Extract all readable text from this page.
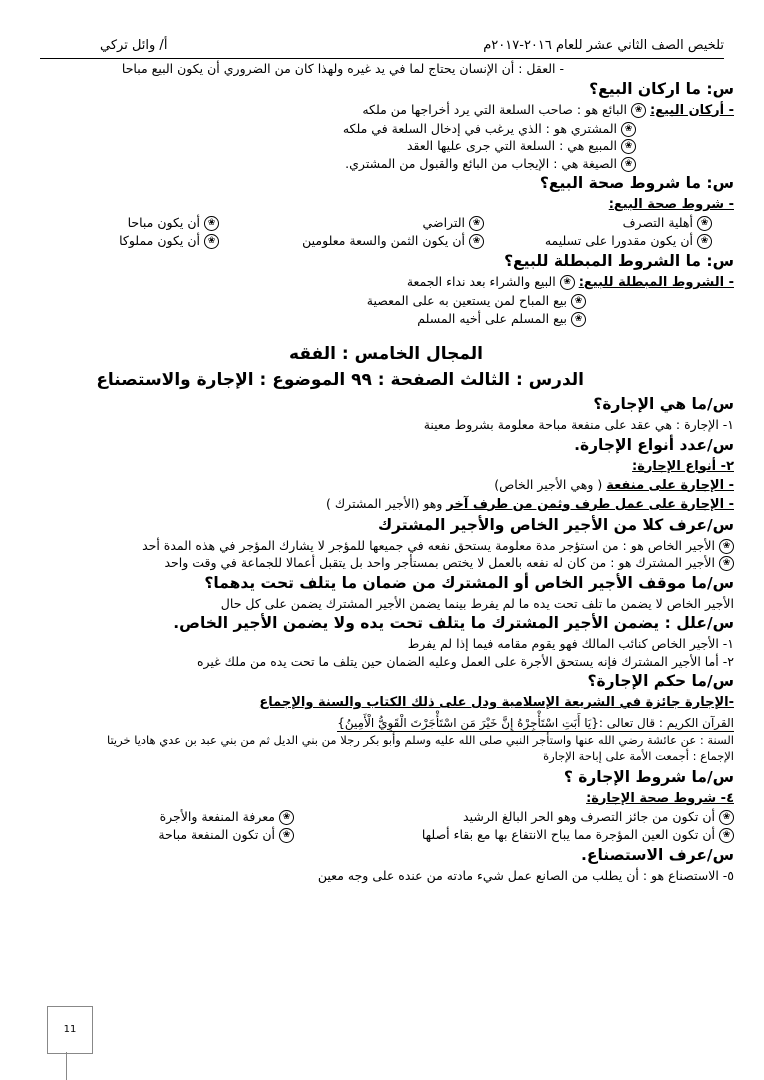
تلخيص الصف الثاني عشر للعام ٢٠١٦-٢٠١٧م
أ/ وائل تركي
- العقل : أن الإنسان يحتاج لما في يد غيره ولهذا كان من الضروري أن يكون البيع مباحا
س: ما اركان البيع؟
- أركان البيع: ❀البائع هو : صاحب السلعة التي يرد أخراجها من ملكه
❀المشتري هو : الذي يرغب في إدخال السلعة في ملكه
❀المبيع هي : السلعة التي جرى عليها العقد
❀الصيغة هي : الإيجاب من البائع والقبول من المشتري.
س: ما شروط صحة البيع؟
- شروط صحة البيع:
❀أهلية التصرف
❀التراضي
❀أن يكون مباحا
❀أن يكون مقدورا على تسليمه
❀أن يكون الثمن والسعة معلومين
❀أن يكون مملوكا
س: ما الشروط المبطلة للبيع؟
- الشروط المبطلة للبيع: ❀البيع والشراء بعد نداء الجمعة
❀بيع المباح لمن يستعين به على المعصية
❀بيع المسلم على أخيه المسلم
المجال الخامس : الفقه
الدرس : الثالث الصفحة : ٩٩ الموضوع : الإجارة والاستصناع
س/ما هي الإجارة؟
١- الإجارة : هي عقد على منفعة مباحة معلومة بشروط معينة
س/عدد أنواع الإجارة.
٢- أنواع الإجارة:
- الإجارة على منفعة ( وهي الأجير الخاص)
- الإجارة على عمل طرف وثمن من طرف آخر وهو (الأجير المشترك )
س/عرف كلا من الأجير الخاص والأجير المشترك
❀الأجير الخاص هو : من استؤجر مدة معلومة يستحق نفعه في جميعها للمؤجر لا يشارك المؤجر في هذه المدة أحد
❀الأجير المشترك هو : من كان له نفعه بالعمل لا يختص بمستأجر واحد بل يتقبل أعمالا للجماعة في وقت واحد
س/ما موقف الأجير الخاص أو المشترك من ضمان ما يتلف تحت يدهما؟
الأجير الخاص لا يضمن ما تلف تحت يده ما لم يفرط بينما يضمن الأجير المشترك يضمن على كل حال
س/علل : يضمن الأجير المشترك ما يتلف تحت يده ولا يضمن الأجير الخاص.
١- الأجير الخاص كنائب المالك فهو يقوم مقامه فيما إذا لم يفرط
٢- أما الأجير المشترك فإنه يستحق الأجرة على العمل وعليه الضمان حين يتلف ما تحت يده من ملك غيره
س/ما حكم الإجارة؟
-الإجارة جائزة في الشريعة الإسلامية ودل على ذلك الكتاب والسنة والإجماع
القرآن الكريم : قال تعالى :{يَا أَبَتِ اسْتَأْجِرْهُ إِنَّ خَيْرَ مَنِ اسْتَأْجَرْتَ الْقَوِيُّ الْأَمِينُ}
السنة : عن عائشة رضي الله عنها واستأجر النبي صلى الله عليه وسلم وأبو بكر رجلا من بني الديل ثم من بني عبد بن عدي هاديا خريتا
الإجماع : أجمعت الأمة على إباحة الإجارة
س/ما شروط الإجارة ؟
٤- شروط صحة الإجارة:
❀أن تكون من جائز التصرف وهو الحر البالغ الرشيد
❀معرفة المنفعة والأجرة
❀أن تكون العين المؤجرة مما يباح الانتفاع بها مع بقاء أصلها
❀أن تكون المنفعة مباحة
س/عرف الاستصناع.
٥- الاستصناع هو : أن يطلب من الصانع عمل شيء مادته من عنده على وجه معين
11
